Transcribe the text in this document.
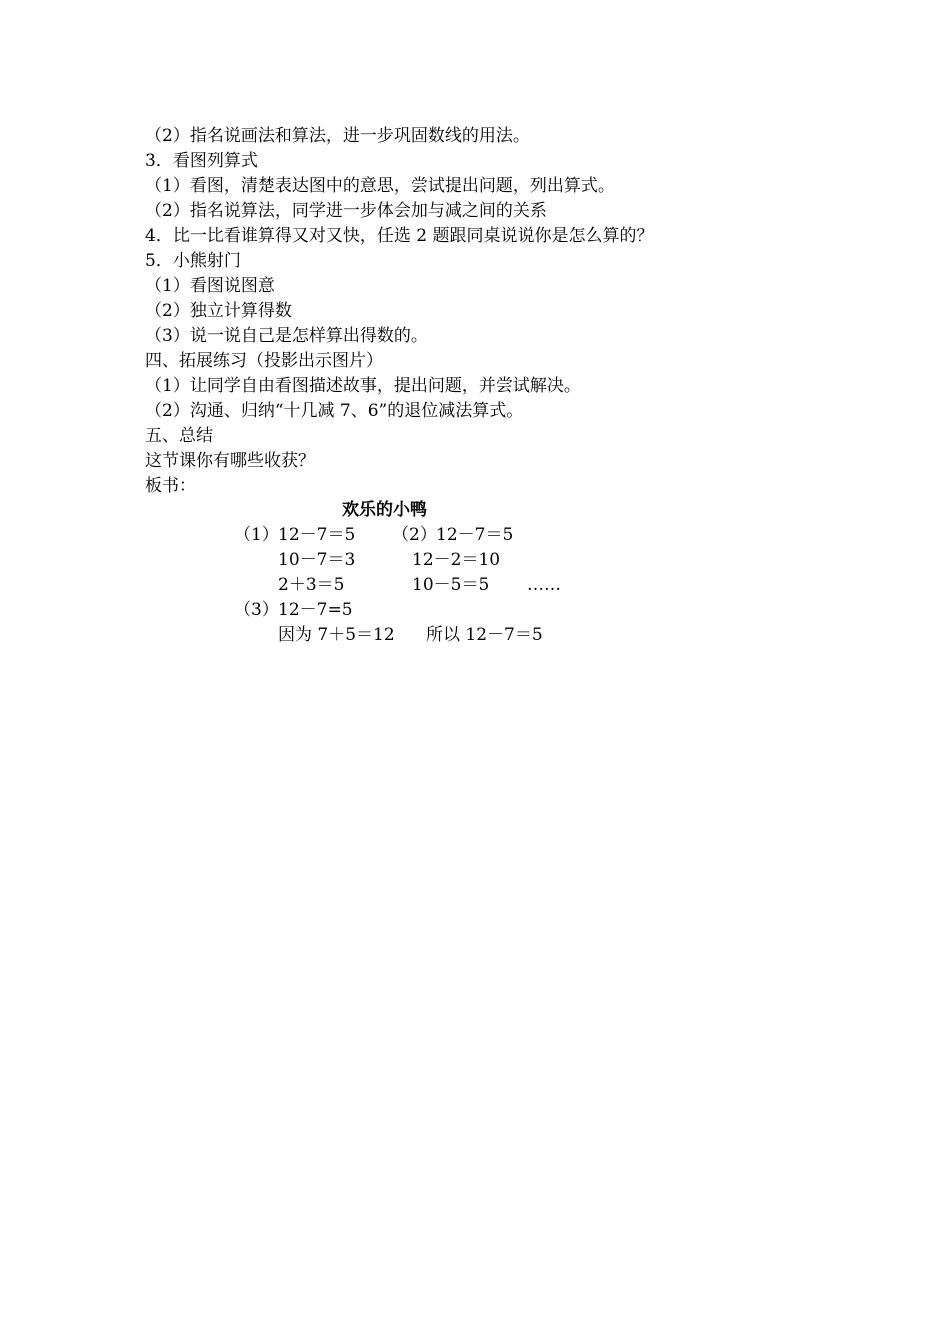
（2）指名说画法和算法，进一步巩固数线的用法。
3．看图列算式
（1）看图，清楚表达图中的意思，尝试提出问题，列出算式。
（2）指名说算法，同学进一步体会加与减之间的关系
4．比一比看谁算得又对又快，任选 2 题跟同桌说说你是怎么算的？
5．小熊射门
（1）看图说图意
（2）独立计算得数
（3）说一说自己是怎样算出得数的。
四、拓展练习（投影出示图片）
（1）让同学自由看图描述故事，提出问题，并尝试解决。
（2）沟通、归纳“十几减 7、6”的退位减法算式。
五、总结
这节课你有哪些收获？
板书：
欢乐的小鸭
（1） 12－7＝5 （2） 12－7＝5
10－7＝3	12－2＝10
2＋3＝5	10－5＝5 ……
（3） 12－7=5
因为 7＋5＝12 所以 12－7＝5
